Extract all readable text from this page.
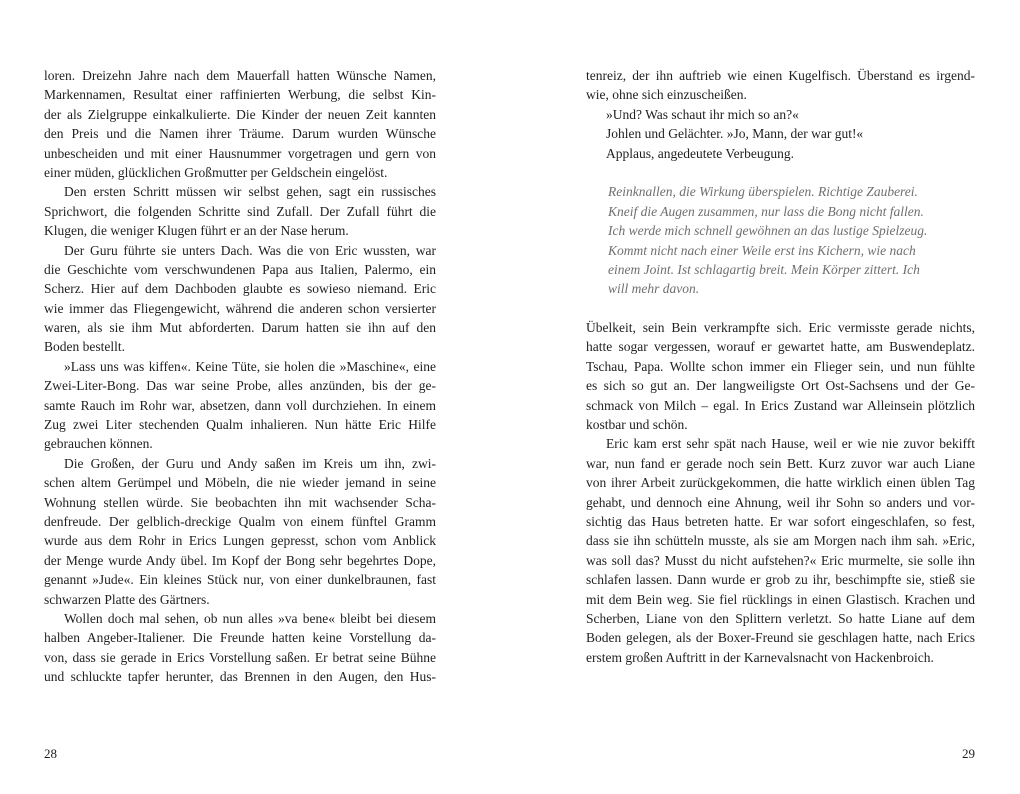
loren. Dreizehn Jahre nach dem Mauerfall hatten Wünsche Namen,
Markennamen, Resultat einer raffinierten Werbung, die selbst Kin-
der als Zielgruppe einkalkulierte. Die Kinder der neuen Zeit kannten
den Preis und die Namen ihrer Träume. Darum wurden Wünsche
unbescheiden und mit einer Hausnummer vorgetragen und gern von
einer müden, glücklichen Großmutter per Geldschein eingelöst.
Den ersten Schritt müssen wir selbst gehen, sagt ein russisches
Sprichwort, die folgenden Schritte sind Zufall. Der Zufall führt die
Klugen, die weniger Klugen führt er an der Nase herum.
Der Guru führte sie unters Dach. Was die von Eric wussten, war
die Geschichte vom verschwundenen Papa aus Italien, Palermo, ein
Scherz. Hier auf dem Dachboden glaubte es sowieso niemand. Eric
wie immer das Fliegengewicht, während die anderen schon versierter
waren, als sie ihm Mut abforderten. Darum hatten sie ihn auf den
Boden bestellt.
»Lass uns was kiffen«. Keine Tüte, sie holen die »Maschine«, eine
Zwei-Liter-Bong. Das war seine Probe, alles anzünden, bis der ge-
samte Rauch im Rohr war, absetzen, dann voll durchziehen. In einem
Zug zwei Liter stechenden Qualm inhalieren. Nun hätte Eric Hilfe
gebrauchen können.
Die Großen, der Guru und Andy saßen im Kreis um ihn, zwi-
schen altem Gerümpel und Möbeln, die nie wieder jemand in seine
Wohnung stellen würde. Sie beobachten ihn mit wachsender Scha-
denfreude. Der gelblich-dreckige Qualm von einem fünftel Gramm
wurde aus dem Rohr in Erics Lungen gepresst, schon vom Anblick
der Menge wurde Andy übel. Im Kopf der Bong sehr begehrtes Dope,
genannt »Jude«. Ein kleines Stück nur, von einer dunkelbraunen, fast
schwarzen Platte des Gärtners.
Wollen doch mal sehen, ob nun alles »va bene« bleibt bei diesem
halben Angeber-Italiener. Die Freunde hatten keine Vorstellung da-
von, dass sie gerade in Erics Vorstellung saßen. Er betrat seine Bühne
und schluckte tapfer herunter, das Brennen in den Augen, den Hus-
28
tenreiz, der ihn auftrieb wie einen Kugelfisch. Überstand es irgend-
wie, ohne sich einzuscheißen.
»Und? Was schaut ihr mich so an?«
Johlen und Gelächter. »Jo, Mann, der war gut!«
Applaus, angedeutete Verbeugung.
Reinknallen, die Wirkung überspielen. Richtige Zauberei.
Kneif die Augen zusammen, nur lass die Bong nicht fallen.
Ich werde mich schnell gewöhnen an das lustige Spielzeug.
Kommt nicht nach einer Weile erst ins Kichern, wie nach
einem Joint. Ist schlagartig breit. Mein Körper zittert. Ich
will mehr davon.
Übelkeit, sein Bein verkrampfte sich. Eric vermisste gerade nichts,
hatte sogar vergessen, worauf er gewartet hatte, am Buswendeplatz.
Tschau, Papa. Wollte schon immer ein Flieger sein, und nun fühlte
es sich so gut an. Der langweiligste Ort Ost-Sachsens und der Ge-
schmack von Milch – egal. In Erics Zustand war Alleinsein plötzlich
kostbar und schön.
Eric kam erst sehr spät nach Hause, weil er wie nie zuvor bekifft
war, nun fand er gerade noch sein Bett. Kurz zuvor war auch Liane
von ihrer Arbeit zurückgekommen, die hatte wirklich einen üblen Tag
gehabt, und dennoch eine Ahnung, weil ihr Sohn so anders und vor-
sichtig das Haus betreten hatte. Er war sofort eingeschlafen, so fest,
dass sie ihn schütteln musste, als sie am Morgen nach ihm sah. »Eric,
was soll das? Musst du nicht aufstehen?« Eric murmelte, sie solle ihn
schlafen lassen. Dann wurde er grob zu ihr, beschimpfte sie, stieß sie
mit dem Bein weg. Sie fiel rücklings in einen Glastisch. Krachen und
Scherben, Liane von den Splittern verletzt. So hatte Liane auf dem
Boden gelegen, als der Boxer-Freund sie geschlagen hatte, nach Erics
erstem großen Auftritt in der Karnevalsnacht von Hackenbroich.
29
